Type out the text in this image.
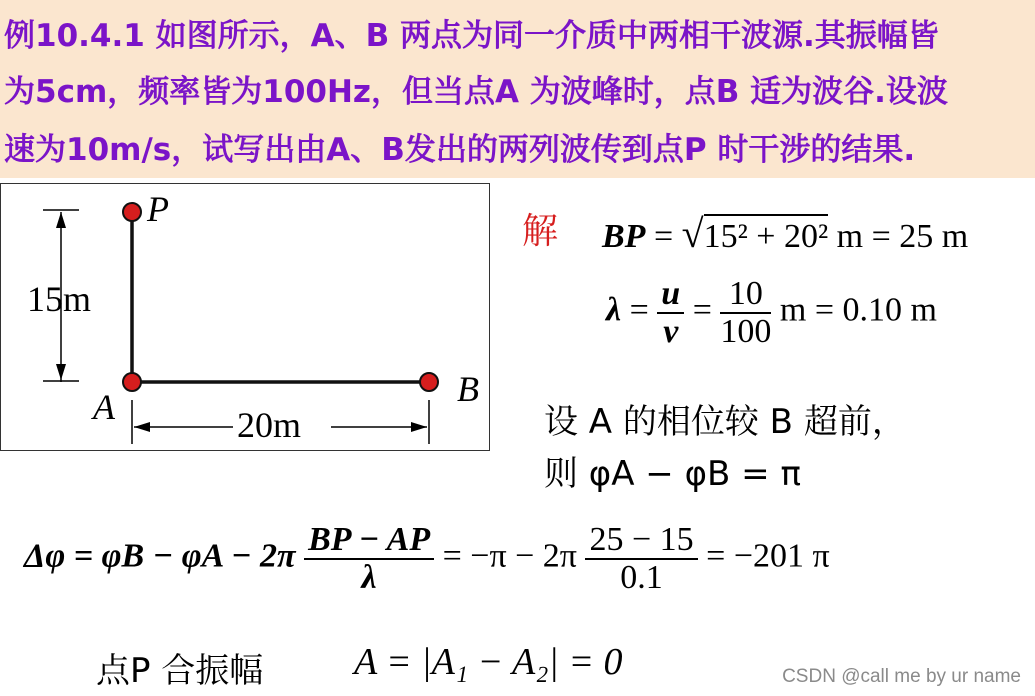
例10.4.1 如图所示，A、B 两点为同一介质中两相干波源.其振幅皆
为5cm，频率皆为100Hz，但当点A 为波峰时，点B 适为波谷.设波
速为10m/s，试写出由A、B发出的两列波传到点P 时干涉的结果.
P
A	B
15m
20m
解 BP = √15² + 20² m = 25 m
$\lambda = \frac{u}{\nu} = \frac{10}{100}$ m = 0.10 m
设 A 的相位较 B 超前，
则 φA − φB = π
$\Delta\varphi = \varphi B - \varphi A - 2\pi \frac{BP - AP}{\lambda} = -\pi - 2\pi \frac{25 - 15}{0.1} = -201$ π
点P 合振幅 A = |A₁ − A₂| = 0	CSDN @call me by ur name
